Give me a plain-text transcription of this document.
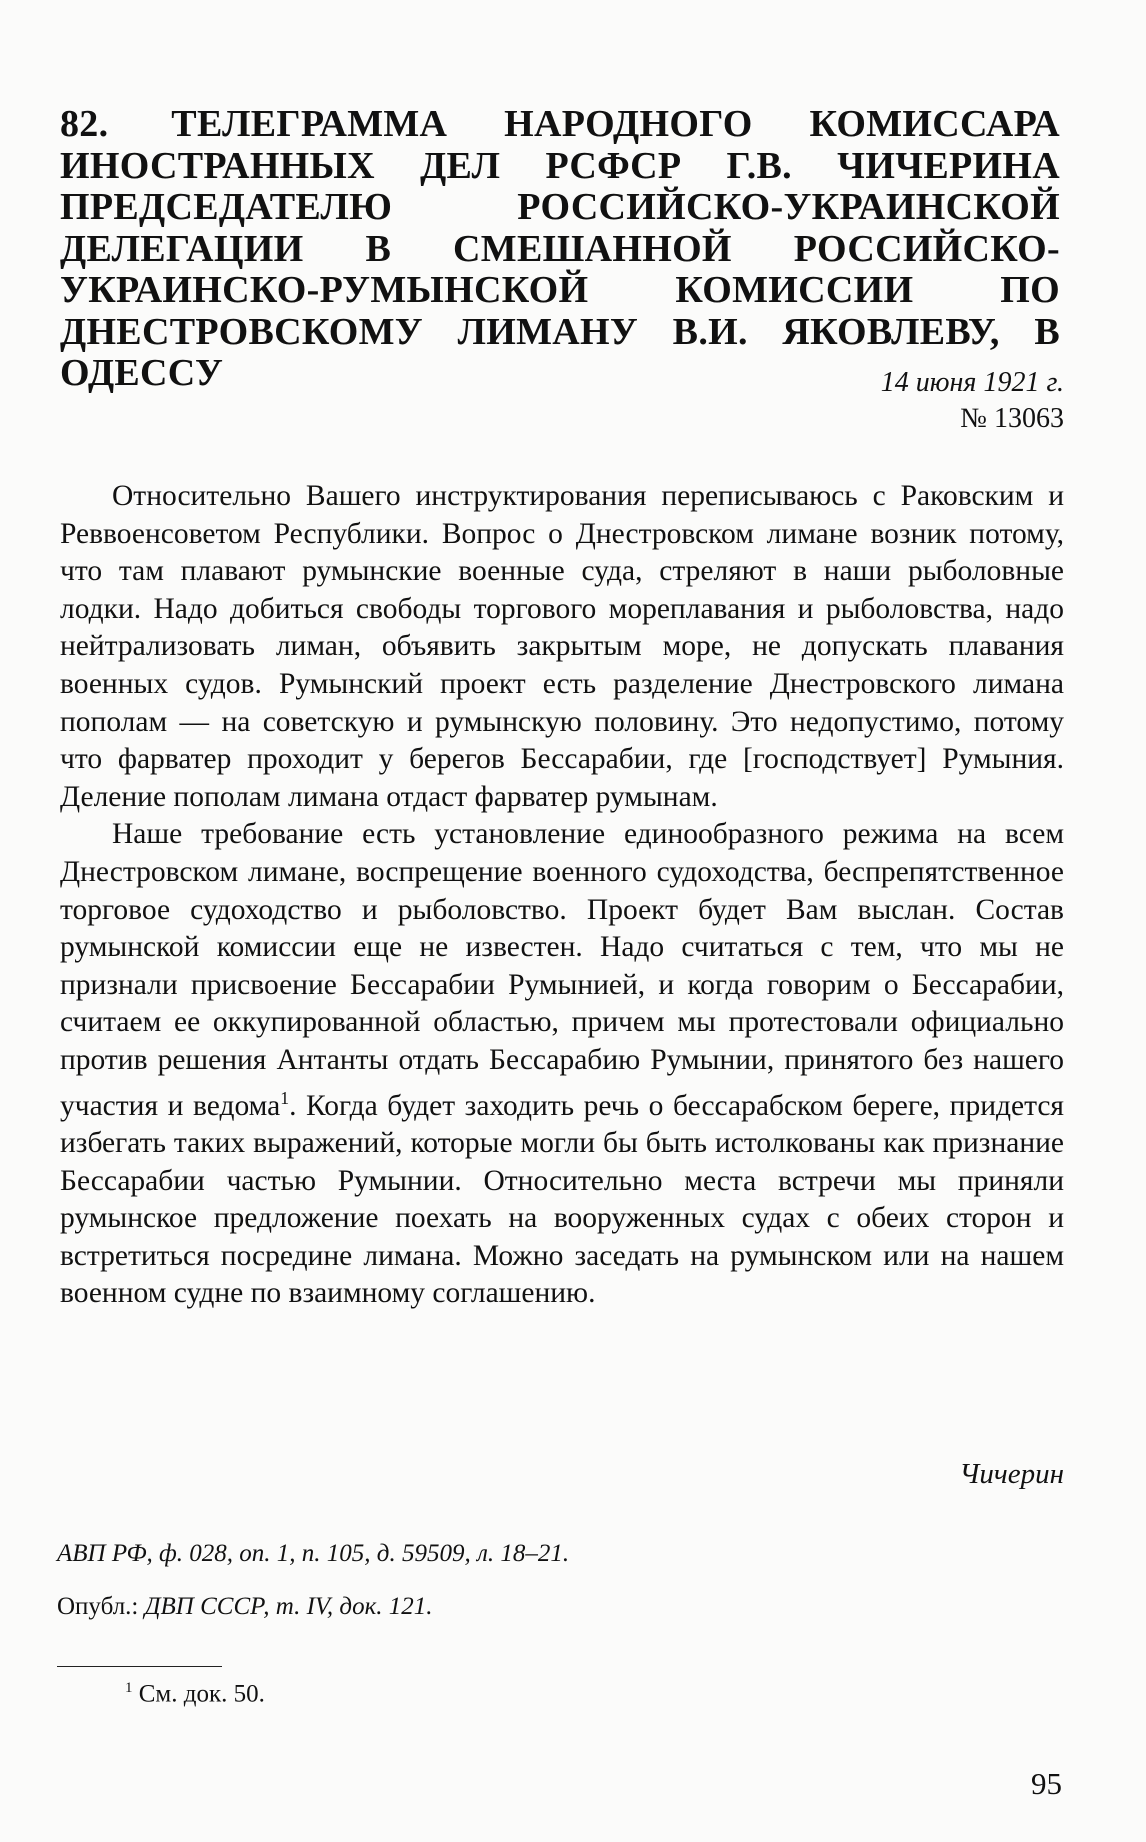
82. ТЕЛЕГРАММА НАРОДНОГО КОМИССАРА ИНОСТРАННЫХ ДЕЛ РСФСР Г.В. ЧИЧЕРИНА ПРЕДСЕДАТЕЛЮ РОССИЙСКО-УКРАИНСКОЙ ДЕЛЕГАЦИИ В СМЕШАННОЙ РОССИЙСКО-УКРАИНСКО-РУМЫНСКОЙ КОМИССИИ ПО ДНЕСТРОВСКОМУ ЛИМАНУ В.И. ЯКОВЛЕВУ, В ОДЕССУ	14 июня 1921 г.
№ 13063

Относительно Вашего инструктирования переписываюсь с Раковским и Реввоенсоветом Республики. Вопрос о Днестровском лимане возник потому, что там плавают румынские военные суда, стреляют в наши рыболовные лодки. Надо добиться свободы торгового мореплавания и рыболовства, надо нейтрализовать лиман, объявить закрытым море, не допускать плавания военных судов. Румынский проект есть разделение Днестровского лимана пополам — на советскую и румынскую половину. Это недопустимо, потому что фарватер проходит у берегов Бессарабии, где [господствует] Румыния. Деление пополам лимана отдаст фарватер румынам.

Наше требование есть установление единообразного режима на всем Днестровском лимане, воспрещение военного судоходства, беспрепятственное торговое судоходство и рыболовство. Проект будет Вам выслан. Состав румынской комиссии еще не известен. Надо считаться с тем, что мы не признали присвоение Бессарабии Румынией, и когда говорим о Бессарабии, считаем ее оккупированной областью, причем мы протестовали официально против решения Антанты отдать Бессарабию Румынии, принятого без нашего участия и ведома$^1$. Когда будет заходить речь о бессарабском береге, придется избегать таких выражений, которые могли бы быть истолкованы как признание Бессарабии частью Румынии. Относительно места встречи мы приняли румынское предложение поехать на вооруженных судах с обеих сторон и встретиться посредине лимана. Можно заседать на румынском или на нашем военном судне по взаимному соглашению.

Чичерин
АВП РФ, ф. 028, оп. 1, п. 105, д. 59509, л. 18–21.
Опубл.: ДВП СССР, т. IV, док. 121.
$^1$ См. док. 50.
95
